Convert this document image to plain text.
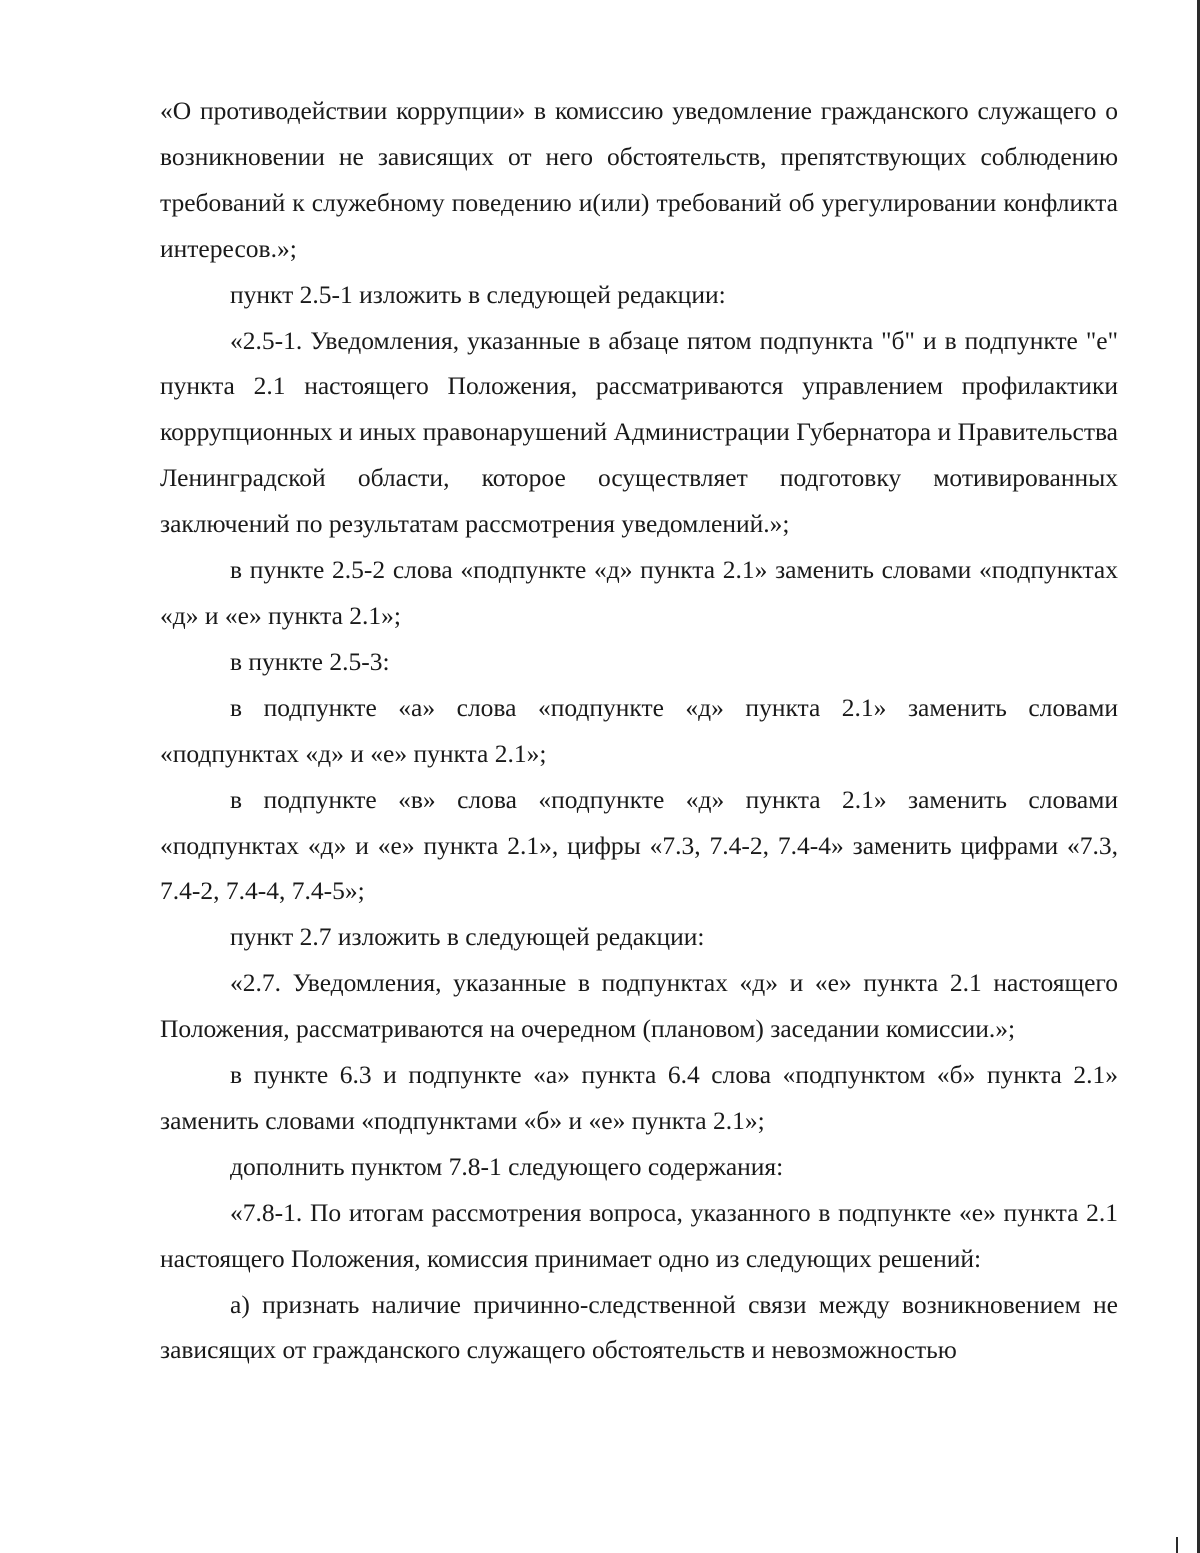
«О противодействии коррупции» в комиссию уведомление гражданского служащего о возникновении не зависящих от него обстоятельств, препятствующих соблюдению требований к служебному поведению и(или) требований об урегулировании конфликта интересов.»;

пункт 2.5-1 изложить в следующей редакции:

«2.5-1. Уведомления, указанные в абзаце пятом подпункта "б" и в подпункте "е" пункта 2.1 настоящего Положения, рассматриваются управлением профилактики коррупционных и иных правонарушений Администрации Губернатора и Правительства Ленинградской области, которое осуществляет подготовку мотивированных заключений по результатам рассмотрения уведомлений.»;

в пункте 2.5-2 слова «подпункте «д» пункта 2.1» заменить словами «подпунктах «д» и «е» пункта 2.1»;

в пункте 2.5-3:

в подпункте «а» слова «подпункте «д» пункта 2.1» заменить словами «подпунктах «д» и «е» пункта 2.1»;

в подпункте «в» слова «подпункте «д» пункта 2.1» заменить словами «подпунктах «д» и «е» пункта 2.1», цифры «7.3, 7.4-2, 7.4-4» заменить цифрами «7.3, 7.4-2, 7.4-4, 7.4-5»;

пункт 2.7 изложить в следующей редакции:

«2.7. Уведомления, указанные в подпунктах «д» и «е» пункта 2.1 настоящего Положения, рассматриваются на очередном (плановом) заседании комиссии.»;

в пункте 6.3 и подпункте «а» пункта 6.4 слова «подпунктом «б» пункта 2.1» заменить словами «подпунктами «б» и «е» пункта 2.1»;

дополнить пунктом 7.8-1 следующего содержания:

«7.8-1. По итогам рассмотрения вопроса, указанного в подпункте «е» пункта 2.1 настоящего Положения, комиссия принимает одно из следующих решений:

а) признать наличие причинно-следственной связи между возникновением не зависящих от гражданского служащего обстоятельств и невозможностью
